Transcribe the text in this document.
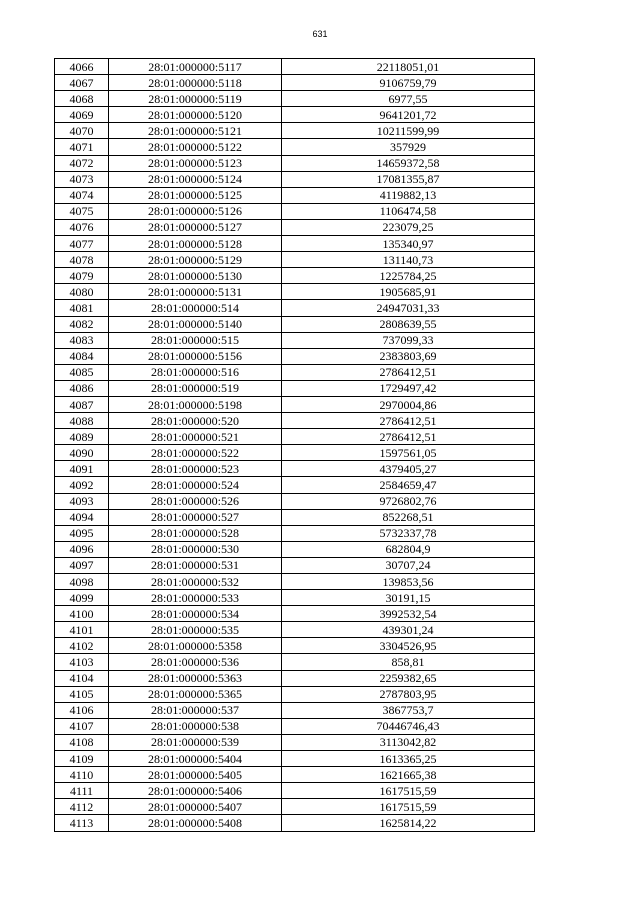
631
4066	28:01:000000:5117	22118051,01
4067	28:01:000000:5118	9106759,79
4068	28:01:000000:5119	6977,55
4069	28:01:000000:5120	9641201,72
4070	28:01:000000:5121	10211599,99
4071	28:01:000000:5122	357929
4072	28:01:000000:5123	14659372,58
4073	28:01:000000:5124	17081355,87
4074	28:01:000000:5125	4119882,13
4075	28:01:000000:5126	1106474,58
4076	28:01:000000:5127	223079,25
4077	28:01:000000:5128	135340,97
4078	28:01:000000:5129	131140,73
4079	28:01:000000:5130	1225784,25
4080	28:01:000000:5131	1905685,91
4081	28:01:000000:514	24947031,33
4082	28:01:000000:5140	2808639,55
4083	28:01:000000:515	737099,33
4084	28:01:000000:5156	2383803,69
4085	28:01:000000:516	2786412,51
4086	28:01:000000:519	1729497,42
4087	28:01:000000:5198	2970004,86
4088	28:01:000000:520	2786412,51
4089	28:01:000000:521	2786412,51
4090	28:01:000000:522	1597561,05
4091	28:01:000000:523	4379405,27
4092	28:01:000000:524	2584659,47
4093	28:01:000000:526	9726802,76
4094	28:01:000000:527	852268,51
4095	28:01:000000:528	5732337,78
4096	28:01:000000:530	682804,9
4097	28:01:000000:531	30707,24
4098	28:01:000000:532	139853,56
4099	28:01:000000:533	30191,15
4100	28:01:000000:534	3992532,54
4101	28:01:000000:535	439301,24
4102	28:01:000000:5358	3304526,95
4103	28:01:000000:536	858,81
4104	28:01:000000:5363	2259382,65
4105	28:01:000000:5365	2787803,95
4106	28:01:000000:537	3867753,7
4107	28:01:000000:538	70446746,43
4108	28:01:000000:539	3113042,82
4109	28:01:000000:5404	1613365,25
4110	28:01:000000:5405	1621665,38
4111	28:01:000000:5406	1617515,59
4112	28:01:000000:5407	1617515,59
4113	28:01:000000:5408	1625814,22
